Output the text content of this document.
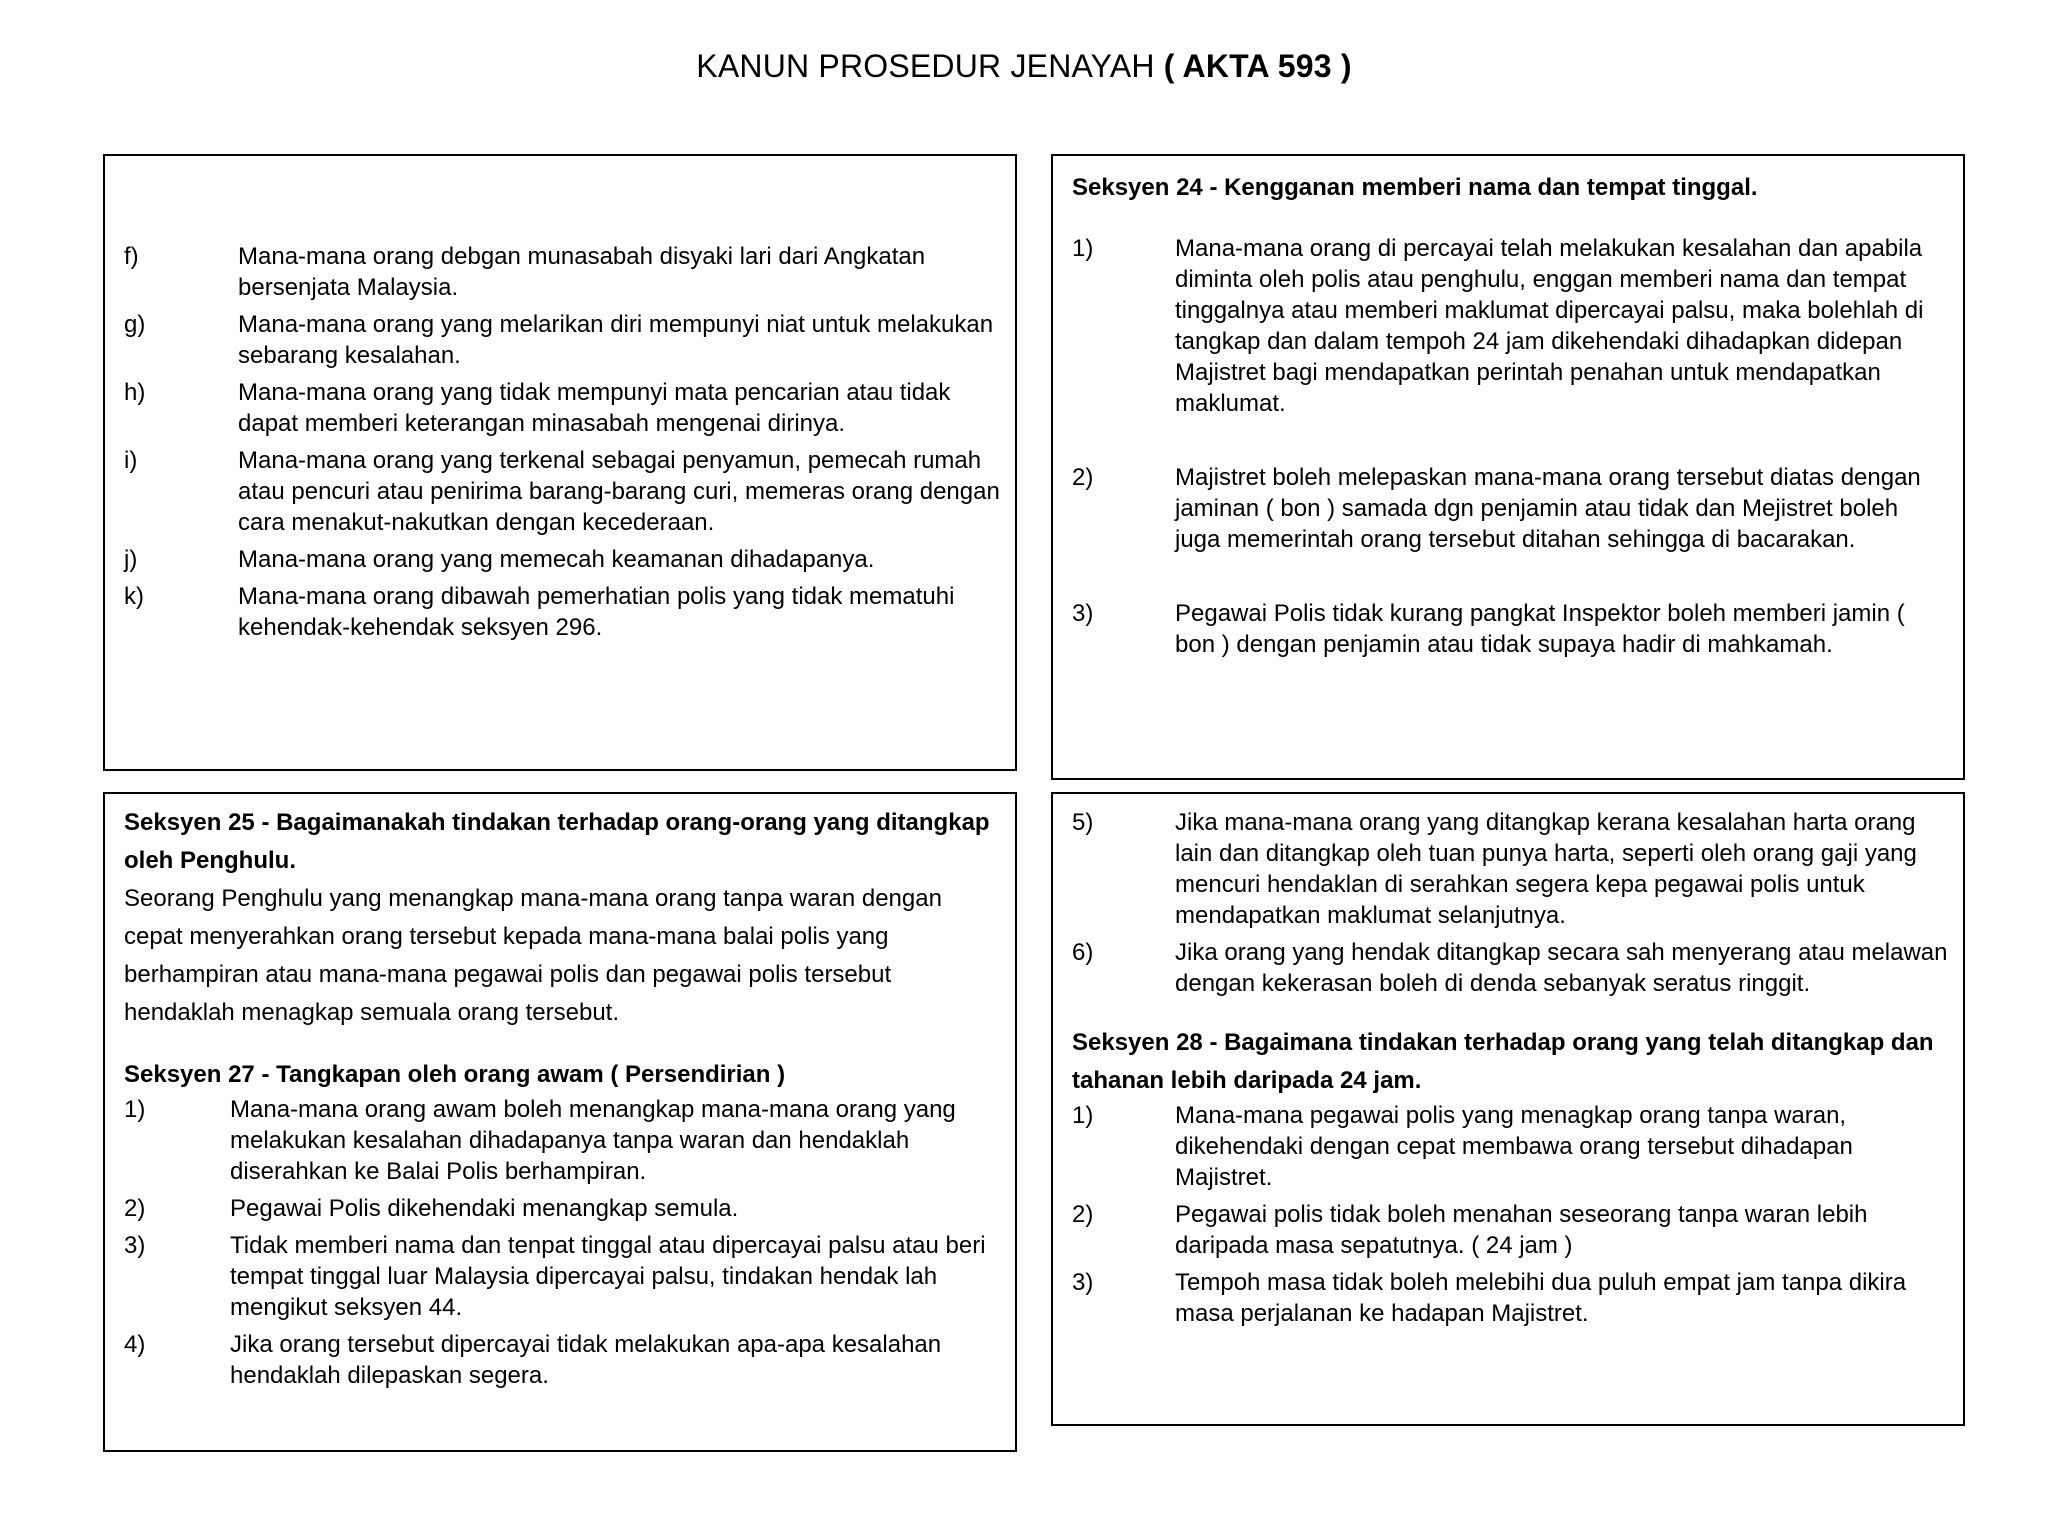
KANUN PROSEDUR JENAYAH ( AKTA 593 )
f)	Mana-mana orang debgan munasabah disyaki lari dari Angkatan bersenjata Malaysia.
g)	Mana-mana orang yang melarikan diri mempunyi niat untuk melakukan sebarang kesalahan.
h)	Mana-mana orang yang tidak mempunyi mata pencarian atau tidak dapat memberi keterangan minasabah mengenai dirinya.
i)	Mana-mana orang yang terkenal sebagai penyamun, pemecah rumah atau pencuri atau penirima barang-barang curi, memeras orang dengan cara menakut-nakutkan dengan kecederaan.
j)	Mana-mana orang yang memecah keamanan dihadapanya.
k)	Mana-mana orang dibawah pemerhatian polis yang tidak mematuhi kehendak-kehendak seksyen 296.
Seksyen 24 - Kengganan memberi nama dan tempat tinggal.
1)	Mana-mana orang di percayai telah melakukan kesalahan dan apabila diminta oleh polis atau penghulu, enggan memberi nama dan tempat tinggalnya atau memberi maklumat dipercayai palsu, maka bolehlah di tangkap dan dalam tempoh 24 jam dikehendaki dihadapkan didepan Majistret bagi mendapatkan perintah penahan untuk mendapatkan maklumat.
2)	Majistret boleh melepaskan mana-mana orang tersebut diatas dengan jaminan ( bon ) samada dgn penjamin atau tidak dan Mejistret boleh juga memerintah orang tersebut ditahan sehingga di bacarakan.
3)	Pegawai Polis tidak kurang pangkat Inspektor boleh memberi jamin ( bon ) dengan penjamin atau tidak supaya hadir di mahkamah.
Seksyen 25 - Bagaimanakah tindakan terhadap orang-orang yang ditangkap oleh Penghulu.
Seorang Penghulu yang menangkap mana-mana orang tanpa waran dengan cepat menyerahkan orang tersebut kepada mana-mana balai polis yang berhampiran atau mana-mana pegawai polis dan pegawai polis tersebut hendaklah menagkap semuala orang tersebut.
Seksyen 27 - Tangkapan oleh orang awam ( Persendirian )
1)	Mana-mana orang awam boleh menangkap mana-mana orang yang melakukan kesalahan dihadapanya tanpa waran dan hendaklah diserahkan ke Balai Polis berhampiran.
2)	Pegawai Polis dikehendaki menangkap semula.
3)	Tidak memberi nama dan tenpat tinggal atau dipercayai palsu atau beri tempat tinggal luar Malaysia dipercayai palsu, tindakan hendak lah mengikut seksyen 44.
4)	Jika orang tersebut dipercayai tidak melakukan apa-apa kesalahan hendaklah dilepaskan segera.
5)	Jika mana-mana orang yang ditangkap kerana kesalahan harta orang lain dan ditangkap oleh tuan punya harta, seperti oleh orang gaji yang mencuri hendaklan di serahkan segera kepa pegawai polis untuk mendapatkan maklumat selanjutnya.
6)	Jika orang yang hendak ditangkap secara sah menyerang atau melawan dengan kekerasan boleh di denda sebanyak seratus ringgit.
Seksyen 28 - Bagaimana tindakan terhadap orang yang telah ditangkap dan tahanan lebih daripada 24 jam.
1)	Mana-mana pegawai polis yang menagkap orang tanpa waran, dikehendaki dengan cepat membawa orang tersebut dihadapan Majistret.
2)	Pegawai polis tidak boleh menahan seseorang tanpa waran lebih daripada masa sepatutnya. ( 24 jam )
3)	Tempoh masa tidak boleh melebihi dua puluh empat jam tanpa dikira masa perjalanan ke hadapan Majistret.
